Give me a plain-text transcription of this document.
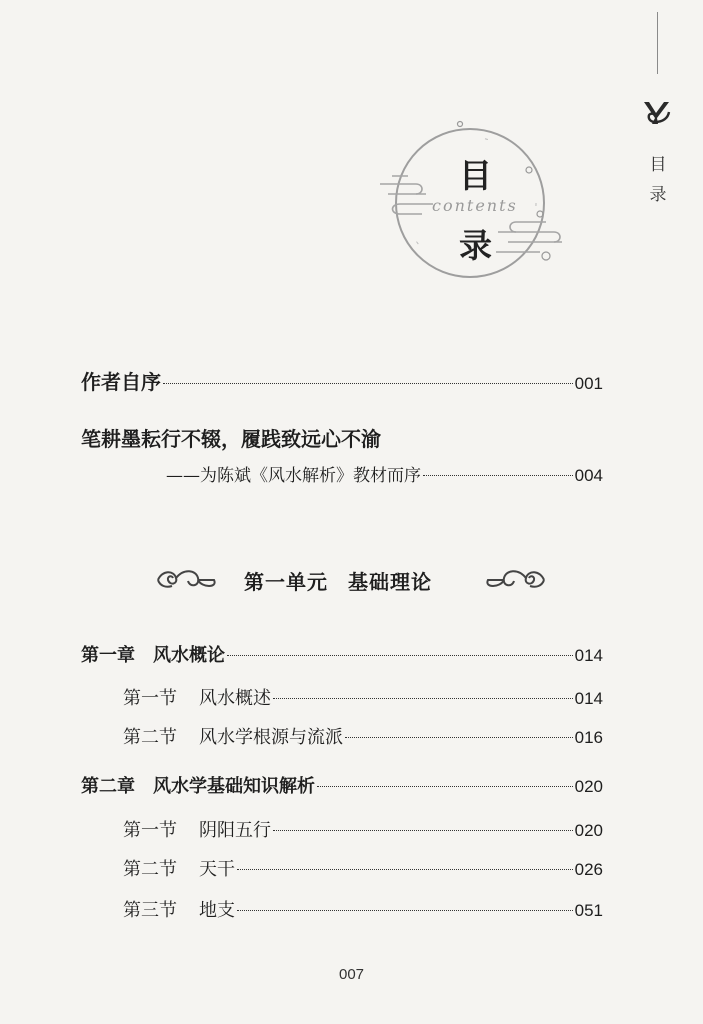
目
录
目
contents
录
作者自序	001
笔耕墨耘行不辍，履践致远心不渝
——为陈斌《风水解析》教材而序	004
第一单元 基础理论
第一章 风水概论	014
第一节 风水概述	014
第二节 风水学根源与流派	016
第二章 风水学基础知识解析	020
第一节 阴阳五行	020
第二节 天干	026
第三节 地支	051
007
